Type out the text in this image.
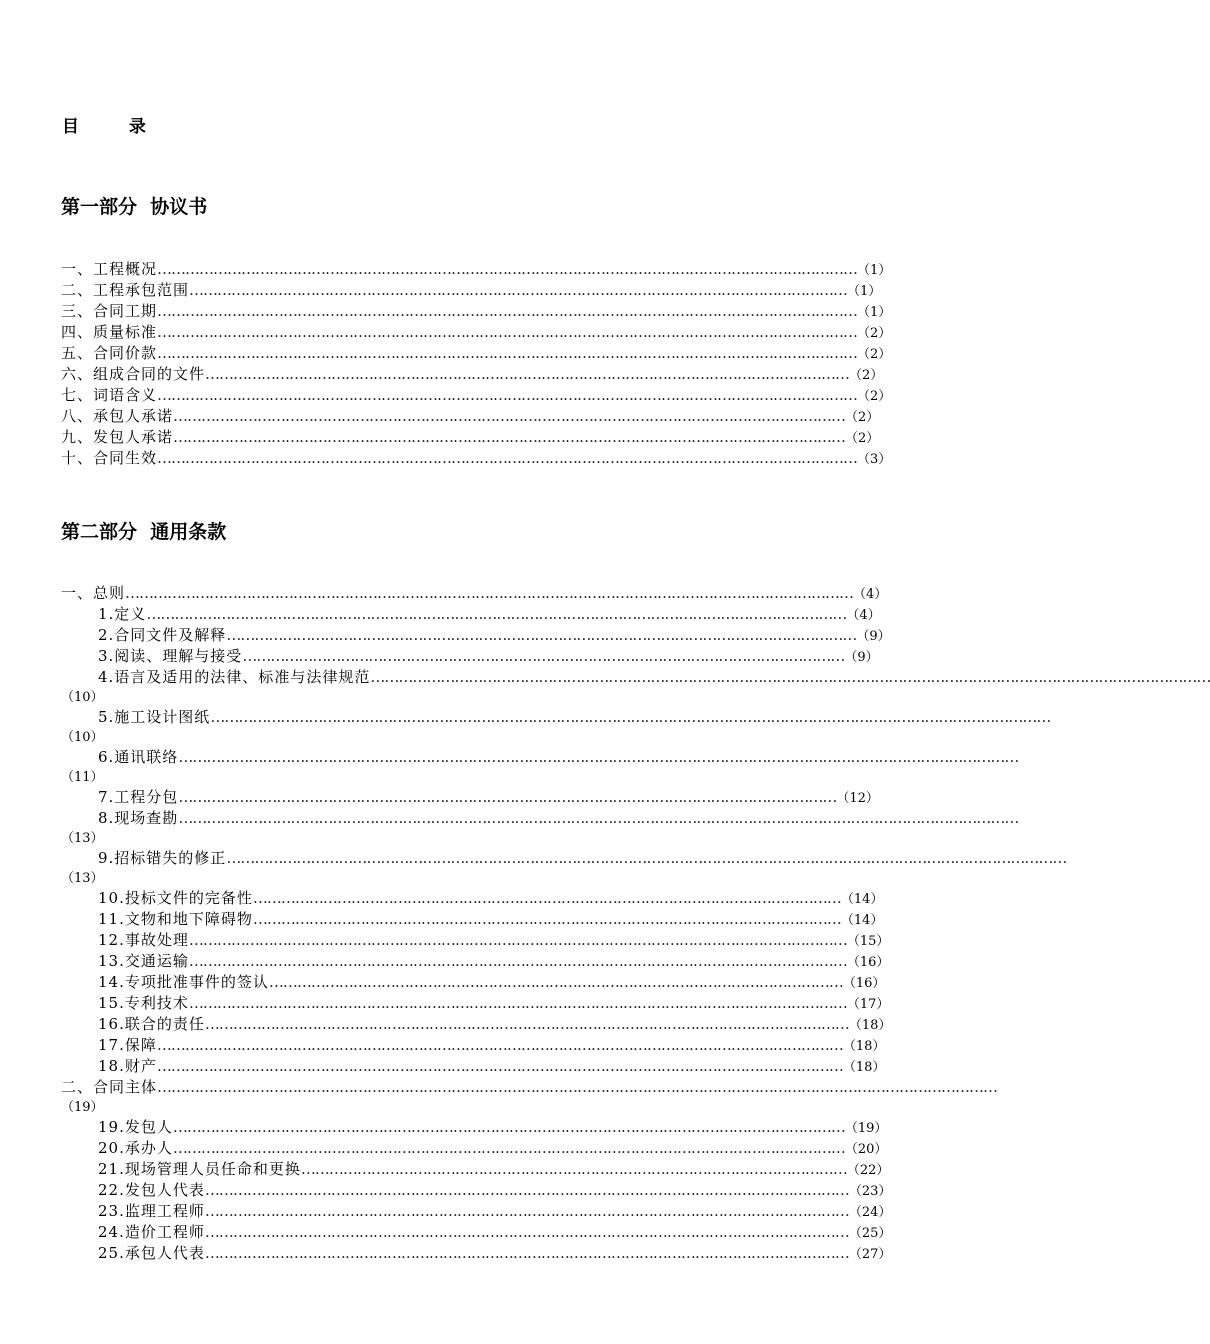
目 录
第一部分  协议书
一、工程概况……………………………………………………………………………………………………………………………………（1）
二、工程承包范围……………………………………………………………………………………………………………………………（1）
三、合同工期……………………………………………………………………………………………………………………………………（1）
四、质量标准……………………………………………………………………………………………………………………………………（2）
五、合同价款……………………………………………………………………………………………………………………………………（2）
六、组成合同的文件…………………………………………………………………………………………………………………………（2）
七、词语含义……………………………………………………………………………………………………………………………………（2）
八、承包人承诺………………………………………………………………………………………………………………………………（2）
九、发包人承诺………………………………………………………………………………………………………………………………（2）
十、合同生效……………………………………………………………………………………………………………………………………（3）
第二部分  通用条款
一、总则…………………………………………………………………………………………………………………………………………（4）
1.定义……………………………………………………………………………………………………………………………………（4）
2.合同文件及解释………………………………………………………………………………………………………………………（9）
3.阅读、理解与接受…………………………………………………………………………………………………………………（9）
4.语言及适用的法律、标准与法律规范………………………………………………………………………………………………………………………………………………………………
（10）
5.施工设计图纸………………………………………………………………………………………………………………………………………………………………
（10）
6.通讯联络………………………………………………………………………………………………………………………………………………………………
（11）
7.工程分包……………………………………………………………………………………………………………………………（12）
8.现场查勘………………………………………………………………………………………………………………………………………………………………
（13）
9.招标错失的修正………………………………………………………………………………………………………………………………………………………………
（13）
10.投标文件的完备性………………………………………………………………………………………………………………（14）
11.文物和地下障碍物………………………………………………………………………………………………………………（14）
12.事故处理……………………………………………………………………………………………………………………………（15）
13.交通运输……………………………………………………………………………………………………………………………（16）
14.专项批准事件的签认……………………………………………………………………………………………………………（16）
15.专利技术……………………………………………………………………………………………………………………………（17）
16.联合的责任…………………………………………………………………………………………………………………………（18）
17.保障…………………………………………………………………………………………………………………………………（18）
18.财产…………………………………………………………………………………………………………………………………（18）
二、合同主体………………………………………………………………………………………………………………………………………………………………
（19）
19.发包人………………………………………………………………………………………………………………………………（19）
20.承办人………………………………………………………………………………………………………………………………（20）
21.现场管理人员任命和更换………………………………………………………………………………………………………（22）
22.发包人代表…………………………………………………………………………………………………………………………（23）
23.监理工程师…………………………………………………………………………………………………………………………（24）
24.造价工程师…………………………………………………………………………………………………………………………（25）
25.承包人代表…………………………………………………………………………………………………………………………（27）
